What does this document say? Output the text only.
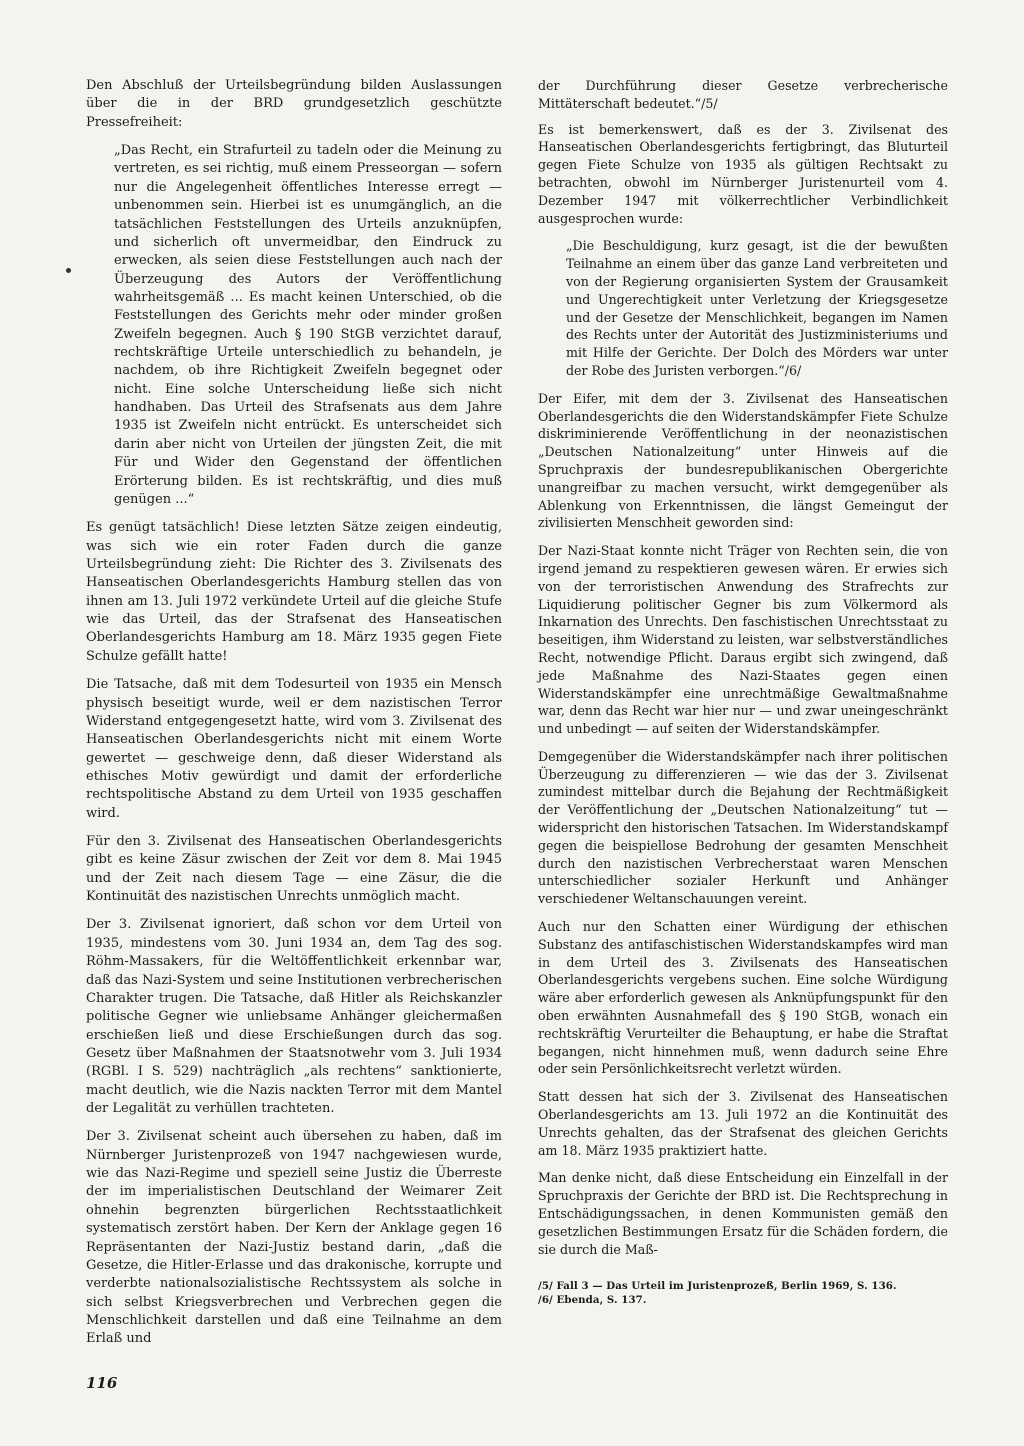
Den Abschluß der Urteilsbegründung bilden Auslassungen über die in der BRD grundgesetzlich geschützte Pressefreiheit:

„Das Recht, ein Strafurteil zu tadeln oder die Meinung zu vertreten, es sei richtig, muß einem Presseorgan — sofern nur die Angelegenheit öffentliches Interesse erregt — unbenommen sein. Hierbei ist es unumgänglich, an die tatsächlichen Feststellungen des Urteils anzuknüpfen, und sicherlich oft unvermeidbar, den Eindruck zu erwecken, als seien diese Feststellungen auch nach der Überzeugung des Autors der Veröffentlichung wahrheitsgemäß ... Es macht keinen Unterschied, ob die Feststellungen des Gerichts mehr oder minder großen Zweifeln begegnen. Auch § 190 StGB verzichtet darauf, rechtskräftige Urteile unterschiedlich zu behandeln, je nachdem, ob ihre Richtigkeit Zweifeln begegnet oder nicht. Eine solche Unterscheidung ließe sich nicht handhaben. Das Urteil des Strafsenats aus dem Jahre 1935 ist Zweifeln nicht entrückt. Es unterscheidet sich darin aber nicht von Urteilen der jüngsten Zeit, die mit Für und Wider den Gegenstand der öffentlichen Erörterung bilden. Es ist rechtskräftig, und dies muß genügen ...“

Es genügt tatsächlich! Diese letzten Sätze zeigen eindeutig, was sich wie ein roter Faden durch die ganze Urteilsbegründung zieht: Die Richter des 3. Zivilsenats des Hanseatischen Oberlandesgerichts Hamburg stellen das von ihnen am 13. Juli 1972 verkündete Urteil auf die gleiche Stufe wie das Urteil, das der Strafsenat des Hanseatischen Oberlandesgerichts Hamburg am 18. März 1935 gegen Fiete Schulze gefällt hatte!

Die Tatsache, daß mit dem Todesurteil von 1935 ein Mensch physisch beseitigt wurde, weil er dem nazistischen Terror Widerstand entgegengesetzt hatte, wird vom 3. Zivilsenat des Hanseatischen Oberlandesgerichts nicht mit einem Worte gewertet — geschweige denn, daß dieser Widerstand als ethisches Motiv gewürdigt und damit der erforderliche rechtspolitische Abstand zu dem Urteil von 1935 geschaffen wird.

Für den 3. Zivilsenat des Hanseatischen Oberlandesgerichts gibt es keine Zäsur zwischen der Zeit vor dem 8. Mai 1945 und der Zeit nach diesem Tage — eine Zäsur, die die Kontinuität des nazistischen Unrechts unmöglich macht.

Der 3. Zivilsenat ignoriert, daß schon vor dem Urteil von 1935, mindestens vom 30. Juni 1934 an, dem Tag des sog. Röhm-Massakers, für die Weltöffentlichkeit erkennbar war, daß das Nazi-System und seine Institutionen verbrecherischen Charakter trugen. Die Tatsache, daß Hitler als Reichskanzler politische Gegner wie unliebsame Anhänger gleichermaßen erschießen ließ und diese Erschießungen durch das sog. Gesetz über Maßnahmen der Staatsnotwehr vom 3. Juli 1934 (RGBl. I S. 529) nachträglich „als rechtens“ sanktionierte, macht deutlich, wie die Nazis nackten Terror mit dem Mantel der Legalität zu verhüllen trachteten.

Der 3. Zivilsenat scheint auch übersehen zu haben, daß im Nürnberger Juristenprozeß von 1947 nachgewiesen wurde, wie das Nazi-Regime und speziell seine Justiz die Überreste der im imperialistischen Deutschland der Weimarer Zeit ohnehin begrenzten bürgerlichen Rechtsstaatlichkeit systematisch zerstört haben. Der Kern der Anklage gegen 16 Repräsentanten der Nazi-Justiz bestand darin, „daß die Gesetze, die Hitler-Erlasse und das drakonische, korrupte und verderbte nationalsozialistische Rechtssystem als solche in sich selbst Kriegsverbrechen und Verbrechen gegen die Menschlichkeit darstellen und daß eine Teilnahme an dem Erlaß und

der Durchführung dieser Gesetze verbrecherische Mittäterschaft bedeutet.“/5/

Es ist bemerkenswert, daß es der 3. Zivilsenat des Hanseatischen Oberlandesgerichts fertigbringt, das Bluturteil gegen Fiete Schulze von 1935 als gültigen Rechtsakt zu betrachten, obwohl im Nürnberger Juristenurteil vom 4. Dezember 1947 mit völkerrechtlicher Verbindlichkeit ausgesprochen wurde:

„Die Beschuldigung, kurz gesagt, ist die der bewußten Teilnahme an einem über das ganze Land verbreiteten und von der Regierung organisierten System der Grausamkeit und Ungerechtigkeit unter Verletzung der Kriegsgesetze und der Gesetze der Menschlichkeit, begangen im Namen des Rechts unter der Autorität des Justizministeriums und mit Hilfe der Gerichte. Der Dolch des Mörders war unter der Robe des Juristen verborgen.“/6/

Der Eifer, mit dem der 3. Zivilsenat des Hanseatischen Oberlandesgerichts die den Widerstandskämpfer Fiete Schulze diskriminierende Veröffentlichung in der neonazistischen „Deutschen Nationalzeitung“ unter Hinweis auf die Spruchpraxis der bundesrepublikanischen Obergerichte unangreifbar zu machen versucht, wirkt demgegenüber als Ablenkung von Erkenntnissen, die längst Gemeingut der zivilisierten Menschheit geworden sind:

Der Nazi-Staat konnte nicht Träger von Rechten sein, die von irgend jemand zu respektieren gewesen wären. Er erwies sich von der terroristischen Anwendung des Strafrechts zur Liquidierung politischer Gegner bis zum Völkermord als Inkarnation des Unrechts. Den faschistischen Unrechtsstaat zu beseitigen, ihm Widerstand zu leisten, war selbstverständliches Recht, notwendige Pflicht. Daraus ergibt sich zwingend, daß jede Maßnahme des Nazi-Staates gegen einen Widerstandskämpfer eine unrechtmäßige Gewaltmaßnahme war, denn das Recht war hier nur — und zwar uneingeschränkt und unbedingt — auf seiten der Widerstandskämpfer.

Demgegenüber die Widerstandskämpfer nach ihrer politischen Überzeugung zu differenzieren — wie das der 3. Zivilsenat zumindest mittelbar durch die Bejahung der Rechtmäßigkeit der Veröffentlichung der „Deutschen Nationalzeitung“ tut — widerspricht den historischen Tatsachen. Im Widerstandskampf gegen die beispiellose Bedrohung der gesamten Menschheit durch den nazistischen Verbrecherstaat waren Menschen unterschiedlicher sozialer Herkunft und Anhänger verschiedener Weltanschauungen vereint.

Auch nur den Schatten einer Würdigung der ethischen Substanz des antifaschistischen Widerstandskampfes wird man in dem Urteil des 3. Zivilsenats des Hanseatischen Oberlandesgerichts vergebens suchen. Eine solche Würdigung wäre aber erforderlich gewesen als Anknüpfungspunkt für den oben erwähnten Ausnahmefall des § 190 StGB, wonach ein rechtskräftig Verurteilter die Behauptung, er habe die Straftat begangen, nicht hinnehmen muß, wenn dadurch seine Ehre oder sein Persönlichkeitsrecht verletzt würden.

Statt dessen hat sich der 3. Zivilsenat des Hanseatischen Oberlandesgerichts am 13. Juli 1972 an die Kontinuität des Unrechts gehalten, das der Strafsenat des gleichen Gerichts am 18. März 1935 praktiziert hatte.

Man denke nicht, daß diese Entscheidung ein Einzelfall in der Spruchpraxis der Gerichte der BRD ist. Die Rechtsprechung in Entschädigungssachen, in denen Kommunisten gemäß den gesetzlichen Bestimmungen Ersatz für die Schäden fordern, die sie durch die Maß-

/5/ Fall 3 — Das Urteil im Juristenprozeß, Berlin 1969, S. 136.

/6/ Ebenda, S. 137.

116
